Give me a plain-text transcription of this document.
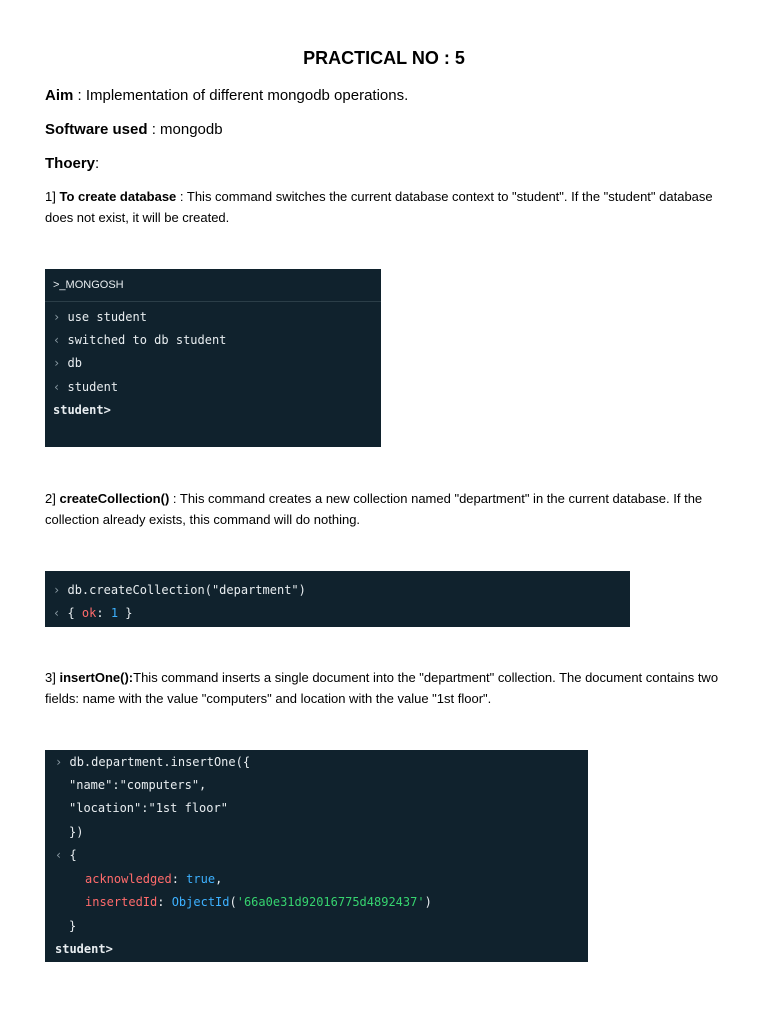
PRACTICAL NO : 5
Aim : Implementation of different mongodb operations.
Software used : mongodb
Thoery:
1] To create database : This command switches the current database context to "student". If the "student" database does not exist, it will be created.
>_MONGOSH
› use student
‹ switched to db student
› db
‹ student
student>
2] createCollection() : This command creates a new collection named "department" in the current database. If the collection already exists, this command will do nothing.
› db.createCollection("department")
‹ { ok: 1 }
3] insertOne():This command inserts a single document into the "department" collection. The document contains two fields: name with the value "computers" and location with the value "1st floor".
› db.department.insertOne({
"name":"computers",
"location":"1st floor"
})
‹ {
acknowledged: true,
insertedId: ObjectId('66a0e31d92016775d4892437')
}
student>
